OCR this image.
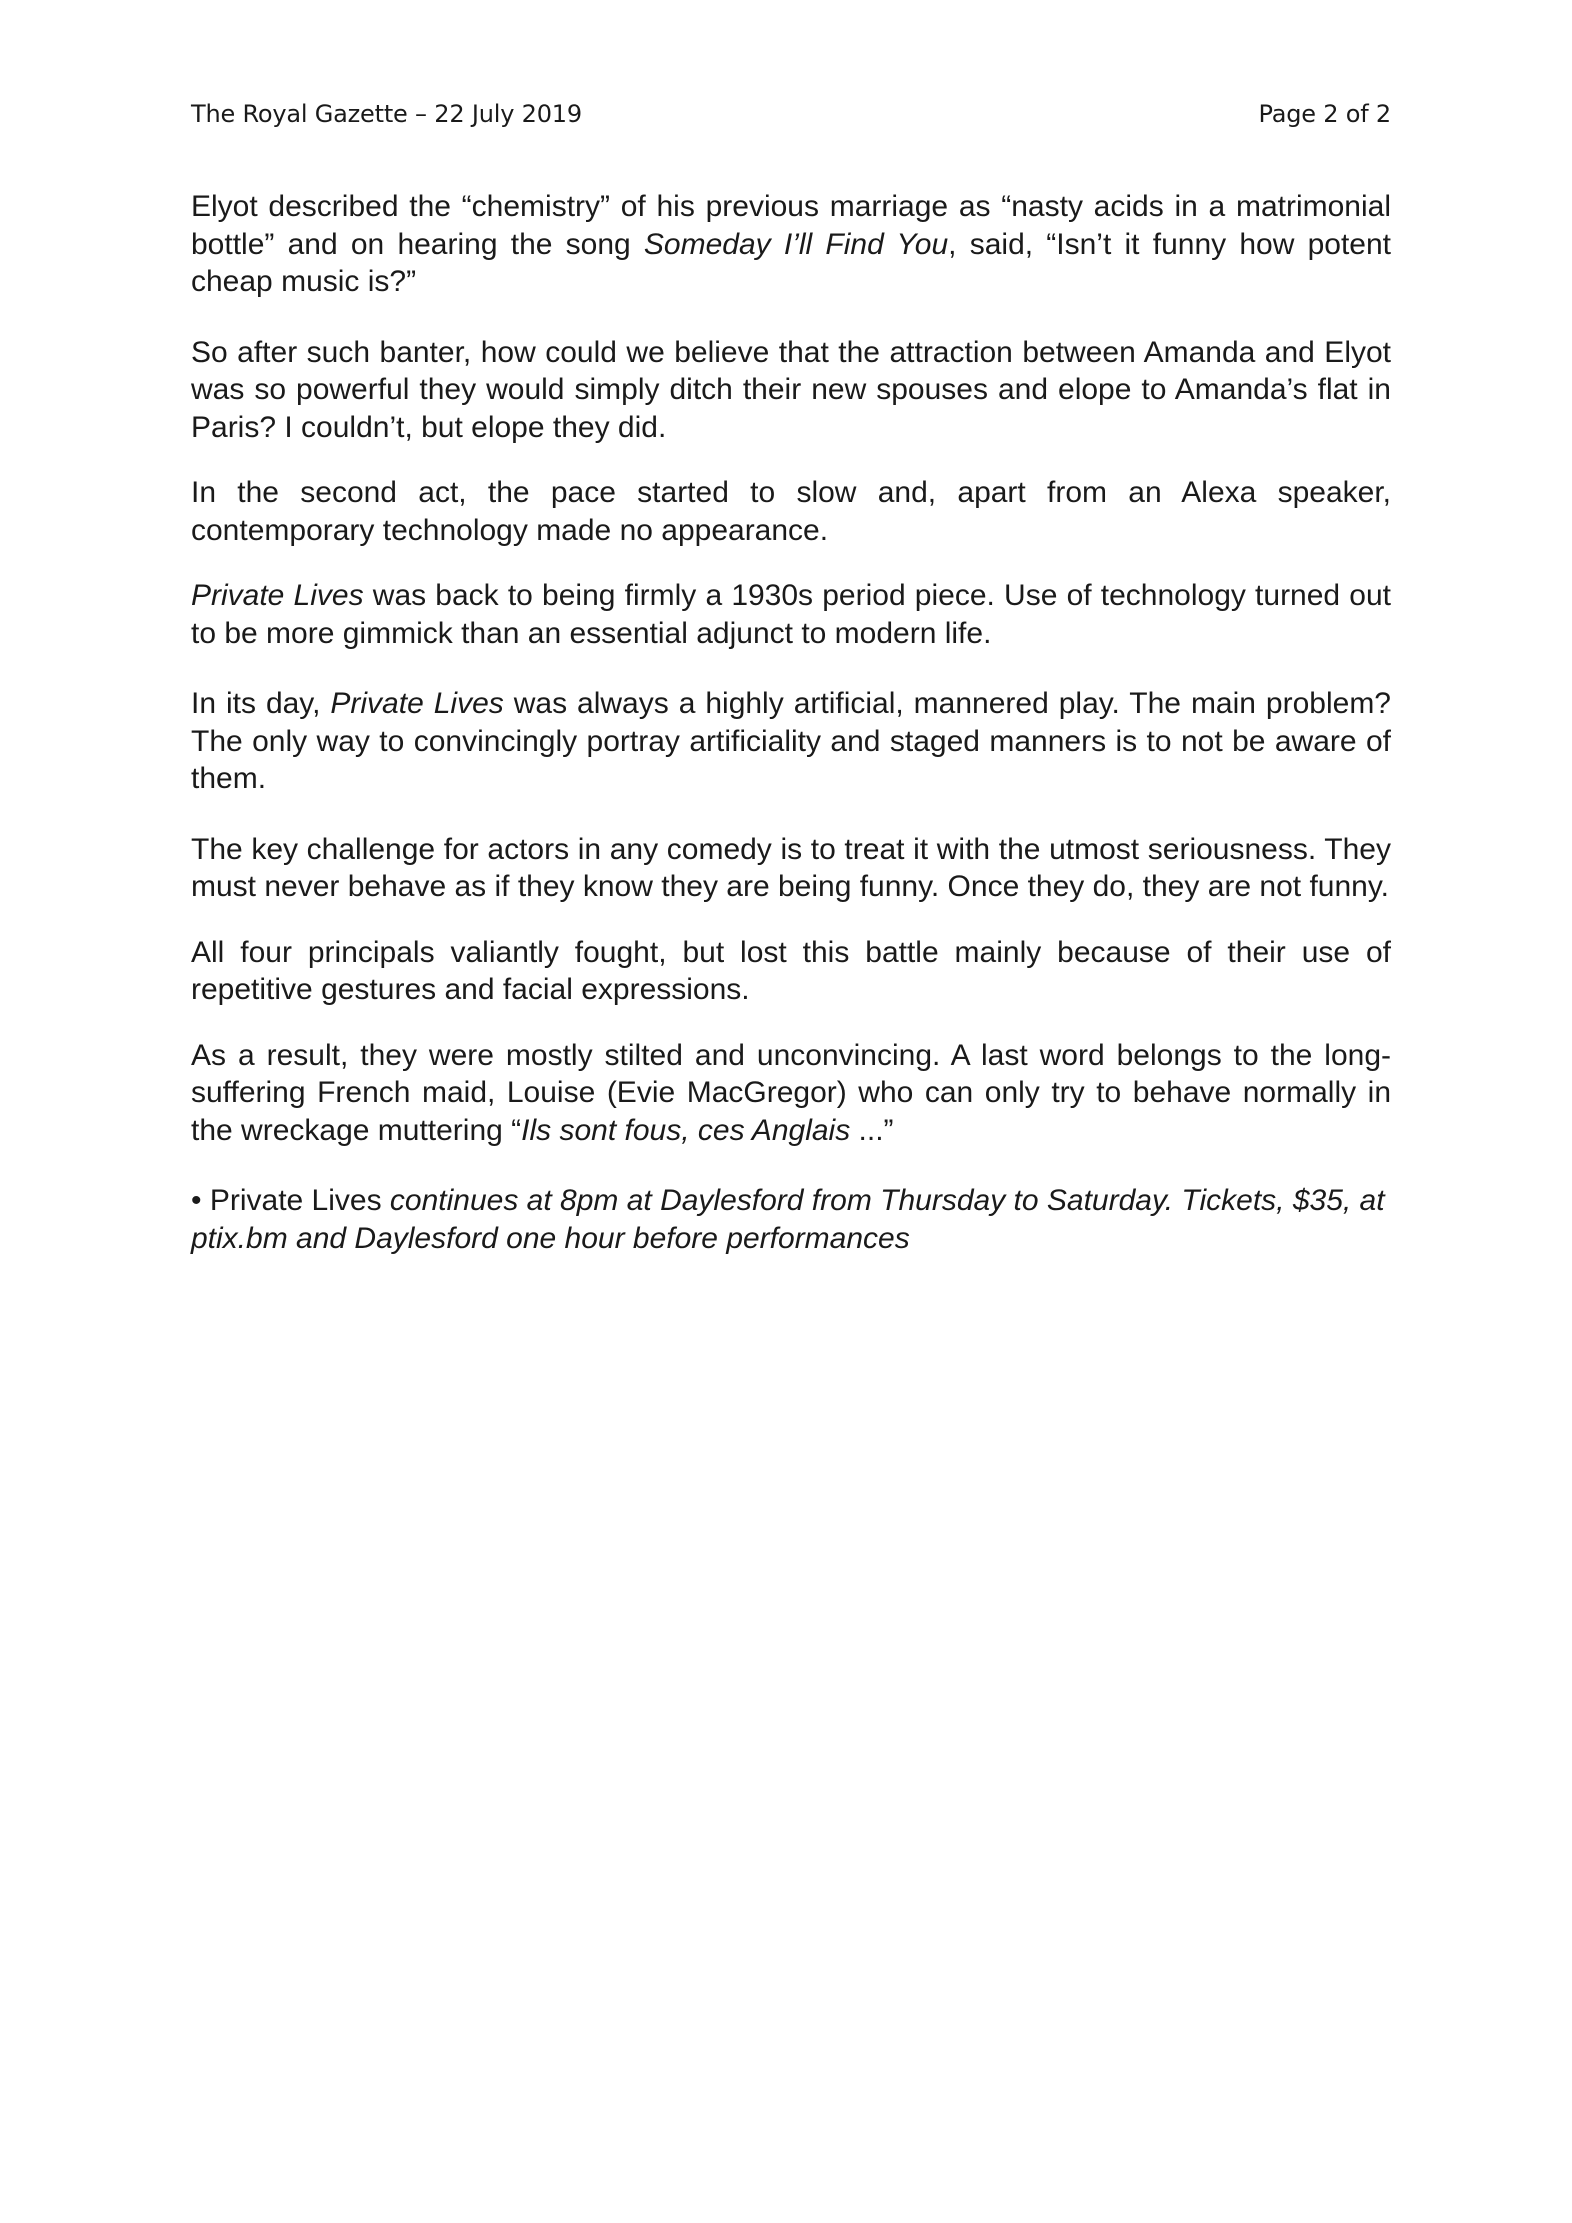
The Royal Gazette – 22 July 2019	Page 2 of 2

Elyot described the “chemistry” of his previous marriage as “nasty acids in a matrimonial bottle” and on hearing the song Someday I’ll Find You, said, “Isn’t it funny how potent cheap music is?”

So after such banter, how could we believe that the attraction between Amanda and Elyot was so powerful they would simply ditch their new spouses and elope to Amanda’s flat in Paris? I couldn’t, but elope they did.

In the second act, the pace started to slow and, apart from an Alexa speaker, contemporary technology made no appearance.

Private Lives was back to being firmly a 1930s period piece. Use of technology turned out to be more gimmick than an essential adjunct to modern life.

In its day, Private Lives was always a highly artificial, mannered play. The main problem? The only way to convincingly portray artificiality and staged manners is to not be aware of them.

The key challenge for actors in any comedy is to treat it with the utmost seriousness. They must never behave as if they know they are being funny. Once they do, they are not funny.

All four principals valiantly fought, but lost this battle mainly because of their use of repetitive gestures and facial expressions.

As a result, they were mostly stilted and unconvincing. A last word belongs to the long-suffering French maid, Louise (Evie MacGregor) who can only try to behave normally in the wreckage muttering “Ils sont fous, ces Anglais ...”

• Private Lives continues at 8pm at Daylesford from Thursday to Saturday. Tickets, $35, at ptix.bm and Daylesford one hour before performances
